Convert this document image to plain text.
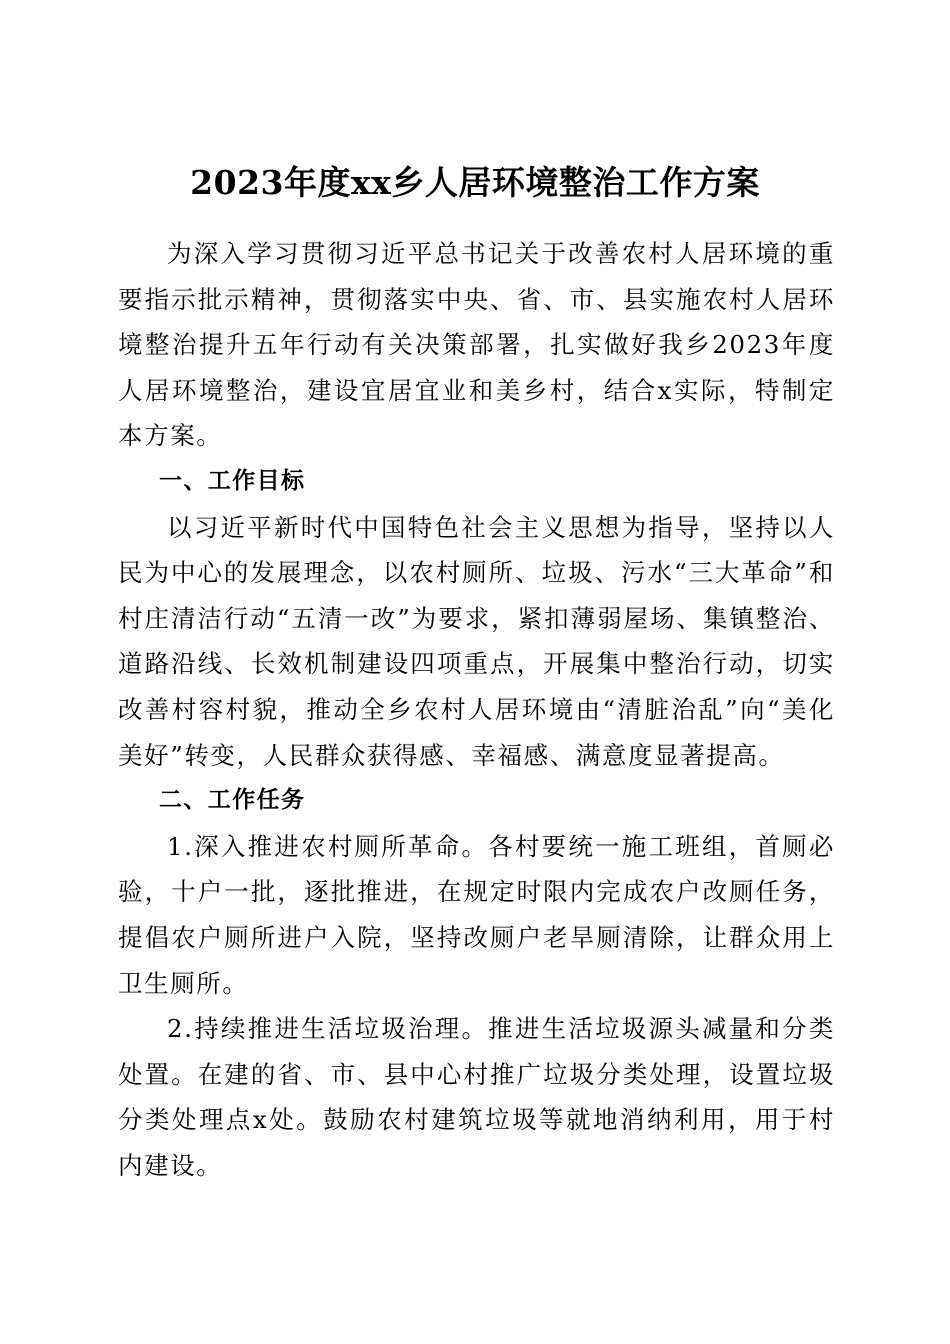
2023年度xx乡人居环境整治工作方案

为深入学习贯彻习近平总书记关于改善农村人居环境的重要指示批示精神，贯彻落实中央、省、市、县实施农村人居环境整治提升五年行动有关决策部署，扎实做好我乡2023年度人居环境整治，建设宜居宜业和美乡村，结合x实际，特制定本方案。

一、工作目标

以习近平新时代中国特色社会主义思想为指导，坚持以人民为中心的发展理念，以农村厕所、垃圾、污水“三大革命”和村庄清洁行动“五清一改”为要求，紧扣薄弱屋场、集镇整治、道路沿线、长效机制建设四项重点，开展集中整治行动，切实改善村容村貌，推动全乡农村人居环境由“清脏治乱”向“美化美好”转变，人民群众获得感、幸福感、满意度显著提高。

二、工作任务

1.深入推进农村厕所革命。各村要统一施工班组，首厕必验，十户一批，逐批推进，在规定时限内完成农户改厕任务，提倡农户厕所进户入院，坚持改厕户老旱厕清除，让群众用上卫生厕所。

2.持续推进生活垃圾治理。推进生活垃圾源头减量和分类处置。在建的省、市、县中心村推广垃圾分类处理，设置垃圾分类处理点x处。鼓励农村建筑垃圾等就地消纳利用，用于村内建设。
